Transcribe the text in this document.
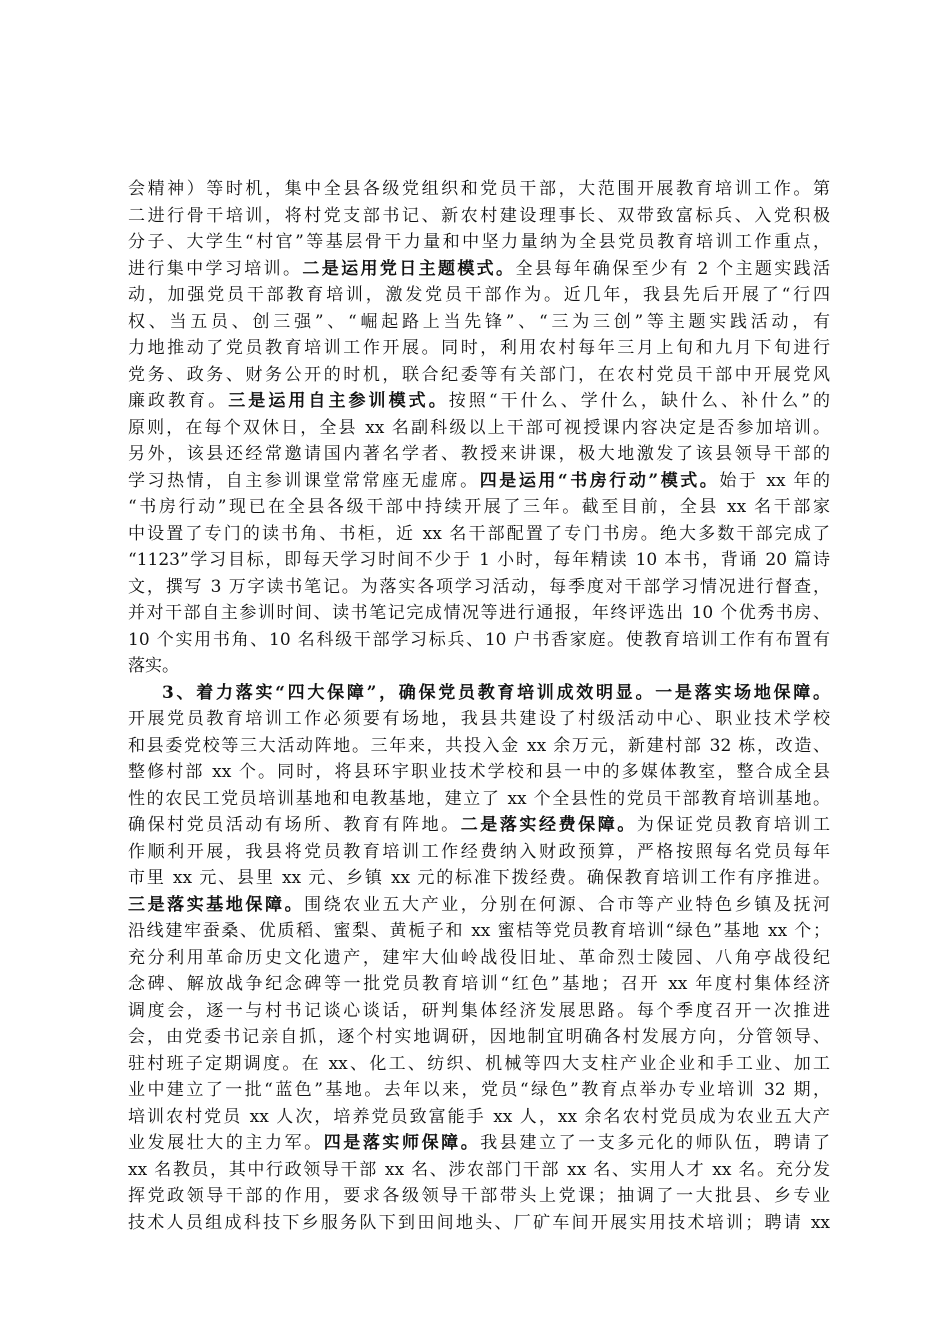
会精神）等时机，集中全县各级党组织和党员干部，大范围开展教育培训工作。第
二进行骨干培训，将村党支部书记、新农村建设理事长、双带致富标兵、入党积极
分子、大学生“村官”等基层骨干力量和中坚力量纳为全县党员教育培训工作重点，
进行集中学习培训。二是运用党日主题模式。全县每年确保至少有 2 个主题实践活
动，加强党员干部教育培训，激发党员干部作为。近几年，我县先后开展了“行四
权、当五员、创三强”、“崛起路上当先锋”、“三为三创”等主题实践活动，有
力地推动了党员教育培训工作开展。同时，利用农村每年三月上旬和九月下旬进行
党务、政务、财务公开的时机，联合纪委等有关部门，在农村党员干部中开展党风
廉政教育。三是运用自主参训模式。按照“干什么、学什么，缺什么、补什么”的
原则，在每个双休日，全县 xx 名副科级以上干部可视授课内容决定是否参加培训。
另外，该县还经常邀请国内著名学者、教授来讲课，极大地激发了该县领导干部的
学习热情，自主参训课堂常常座无虚席。四是运用“书房行动”模式。始于 xx 年的
“书房行动”现已在全县各级干部中持续开展了三年。截至目前，全县 xx 名干部家
中设置了专门的读书角、书柜，近 xx 名干部配置了专门书房。绝大多数干部完成了
“1123”学习目标，即每天学习时间不少于 1 小时，每年精读 10 本书，背诵 20 篇诗
文，撰写 3 万字读书笔记。为落实各项学习活动，每季度对干部学习情况进行督查，
并对干部自主参训时间、读书笔记完成情况等进行通报，年终评选出 10 个优秀书房、
10 个实用书角、10 名科级干部学习标兵、10 户书香家庭。使教育培训工作有布置有
落实。
3、着力落实“四大保障”，确保党员教育培训成效明显。一是落实场地保障。
开展党员教育培训工作必须要有场地，我县共建设了村级活动中心、职业技术学校
和县委党校等三大活动阵地。三年来，共投入金 xx 余万元，新建村部 32 栋，改造、
整修村部 xx 个。同时，将县环宇职业技术学校和县一中的多媒体教室，整合成全县
性的农民工党员培训基地和电教基地，建立了 xx 个全县性的党员干部教育培训基地。
确保村党员活动有场所、教育有阵地。二是落实经费保障。为保证党员教育培训工
作顺利开展，我县将党员教育培训工作经费纳入财政预算，严格按照每名党员每年
市里 xx 元、县里 xx 元、乡镇 xx 元的标准下拨经费。确保教育培训工作有序推进。
三是落实基地保障。围绕农业五大产业，分别在何源、合市等产业特色乡镇及抚河
沿线建牢蚕桑、优质稻、蜜梨、黄栀子和 xx 蜜桔等党员教育培训“绿色”基地 xx 个；
充分利用革命历史文化遗产，建牢大仙岭战役旧址、革命烈士陵园、八角亭战役纪
念碑、解放战争纪念碑等一批党员教育培训“红色”基地；召开 xx 年度村集体经济
调度会，逐一与村书记谈心谈话，研判集体经济发展思路。每个季度召开一次推进
会，由党委书记亲自抓，逐个村实地调研，因地制宜明确各村发展方向，分管领导、
驻村班子定期调度。在 xx、化工、纺织、机械等四大支柱产业企业和手工业、加工
业中建立了一批“蓝色”基地。去年以来，党员“绿色”教育点举办专业培训 32 期，
培训农村党员 xx 人次，培养党员致富能手 xx 人，xx 余名农村党员成为农业五大产
业发展壮大的主力军。四是落实师保障。我县建立了一支多元化的师队伍，聘请了
xx 名教员，其中行政领导干部 xx 名、涉农部门干部 xx 名、实用人才 xx 名。充分发
挥党政领导干部的作用，要求各级领导干部带头上党课；抽调了一大批县、乡专业
技术人员组成科技下乡服务队下到田间地头、厂矿车间开展实用技术培训；聘请 xx
